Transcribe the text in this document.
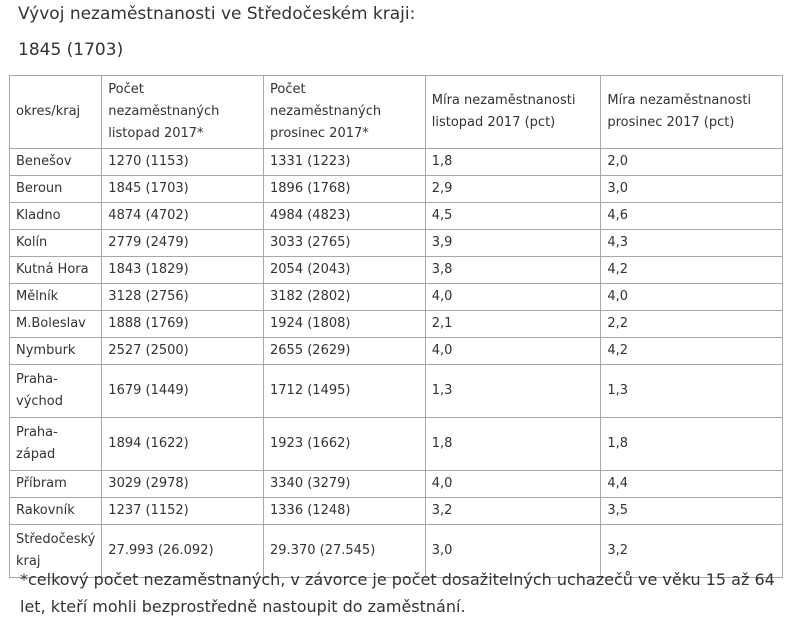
Vývoj nezaměstnanosti ve Středočeském kraji:
1845 (1703)
okres/kraj	Počet nezaměstnaných listopad 2017*	Počet nezaměstnaných prosinec 2017*	Míra nezaměstnanosti listopad 2017 (pct)	Míra nezaměstnanosti prosinec 2017 (pct)
Benešov	1270 (1153)	1331 (1223)	1,8	2,0
Beroun	1845 (1703)	1896 (1768)	2,9	3,0
Kladno	4874 (4702)	4984 (4823)	4,5	4,6
Kolín	2779 (2479)	3033 (2765)	3,9	4,3
Kutná Hora	1843 (1829)	2054 (2043)	3,8	4,2
Mělník	3128 (2756)	3182 (2802)	4,0	4,0
M.Boleslav	1888 (1769)	1924 (1808)	2,1	2,2
Nymburk	2527 (2500)	2655 (2629)	4,0	4,2
Praha-východ	1679 (1449)	1712 (1495)	1,3	1,3
Praha-západ	1894 (1622)	1923 (1662)	1,8	1,8
Příbram	3029 (2978)	3340 (3279)	4,0	4,4
Rakovník	1237 (1152)	1336 (1248)	3,2	3,5
Středočeský kraj	27.993 (26.092)	29.370 (27.545)	3,0	3,2
*celkový počet nezaměstnaných, v závorce je počet dosažitelných uchazečů ve věku 15 až 64 let, kteří mohli bezprostředně nastoupit do zaměstnání.
